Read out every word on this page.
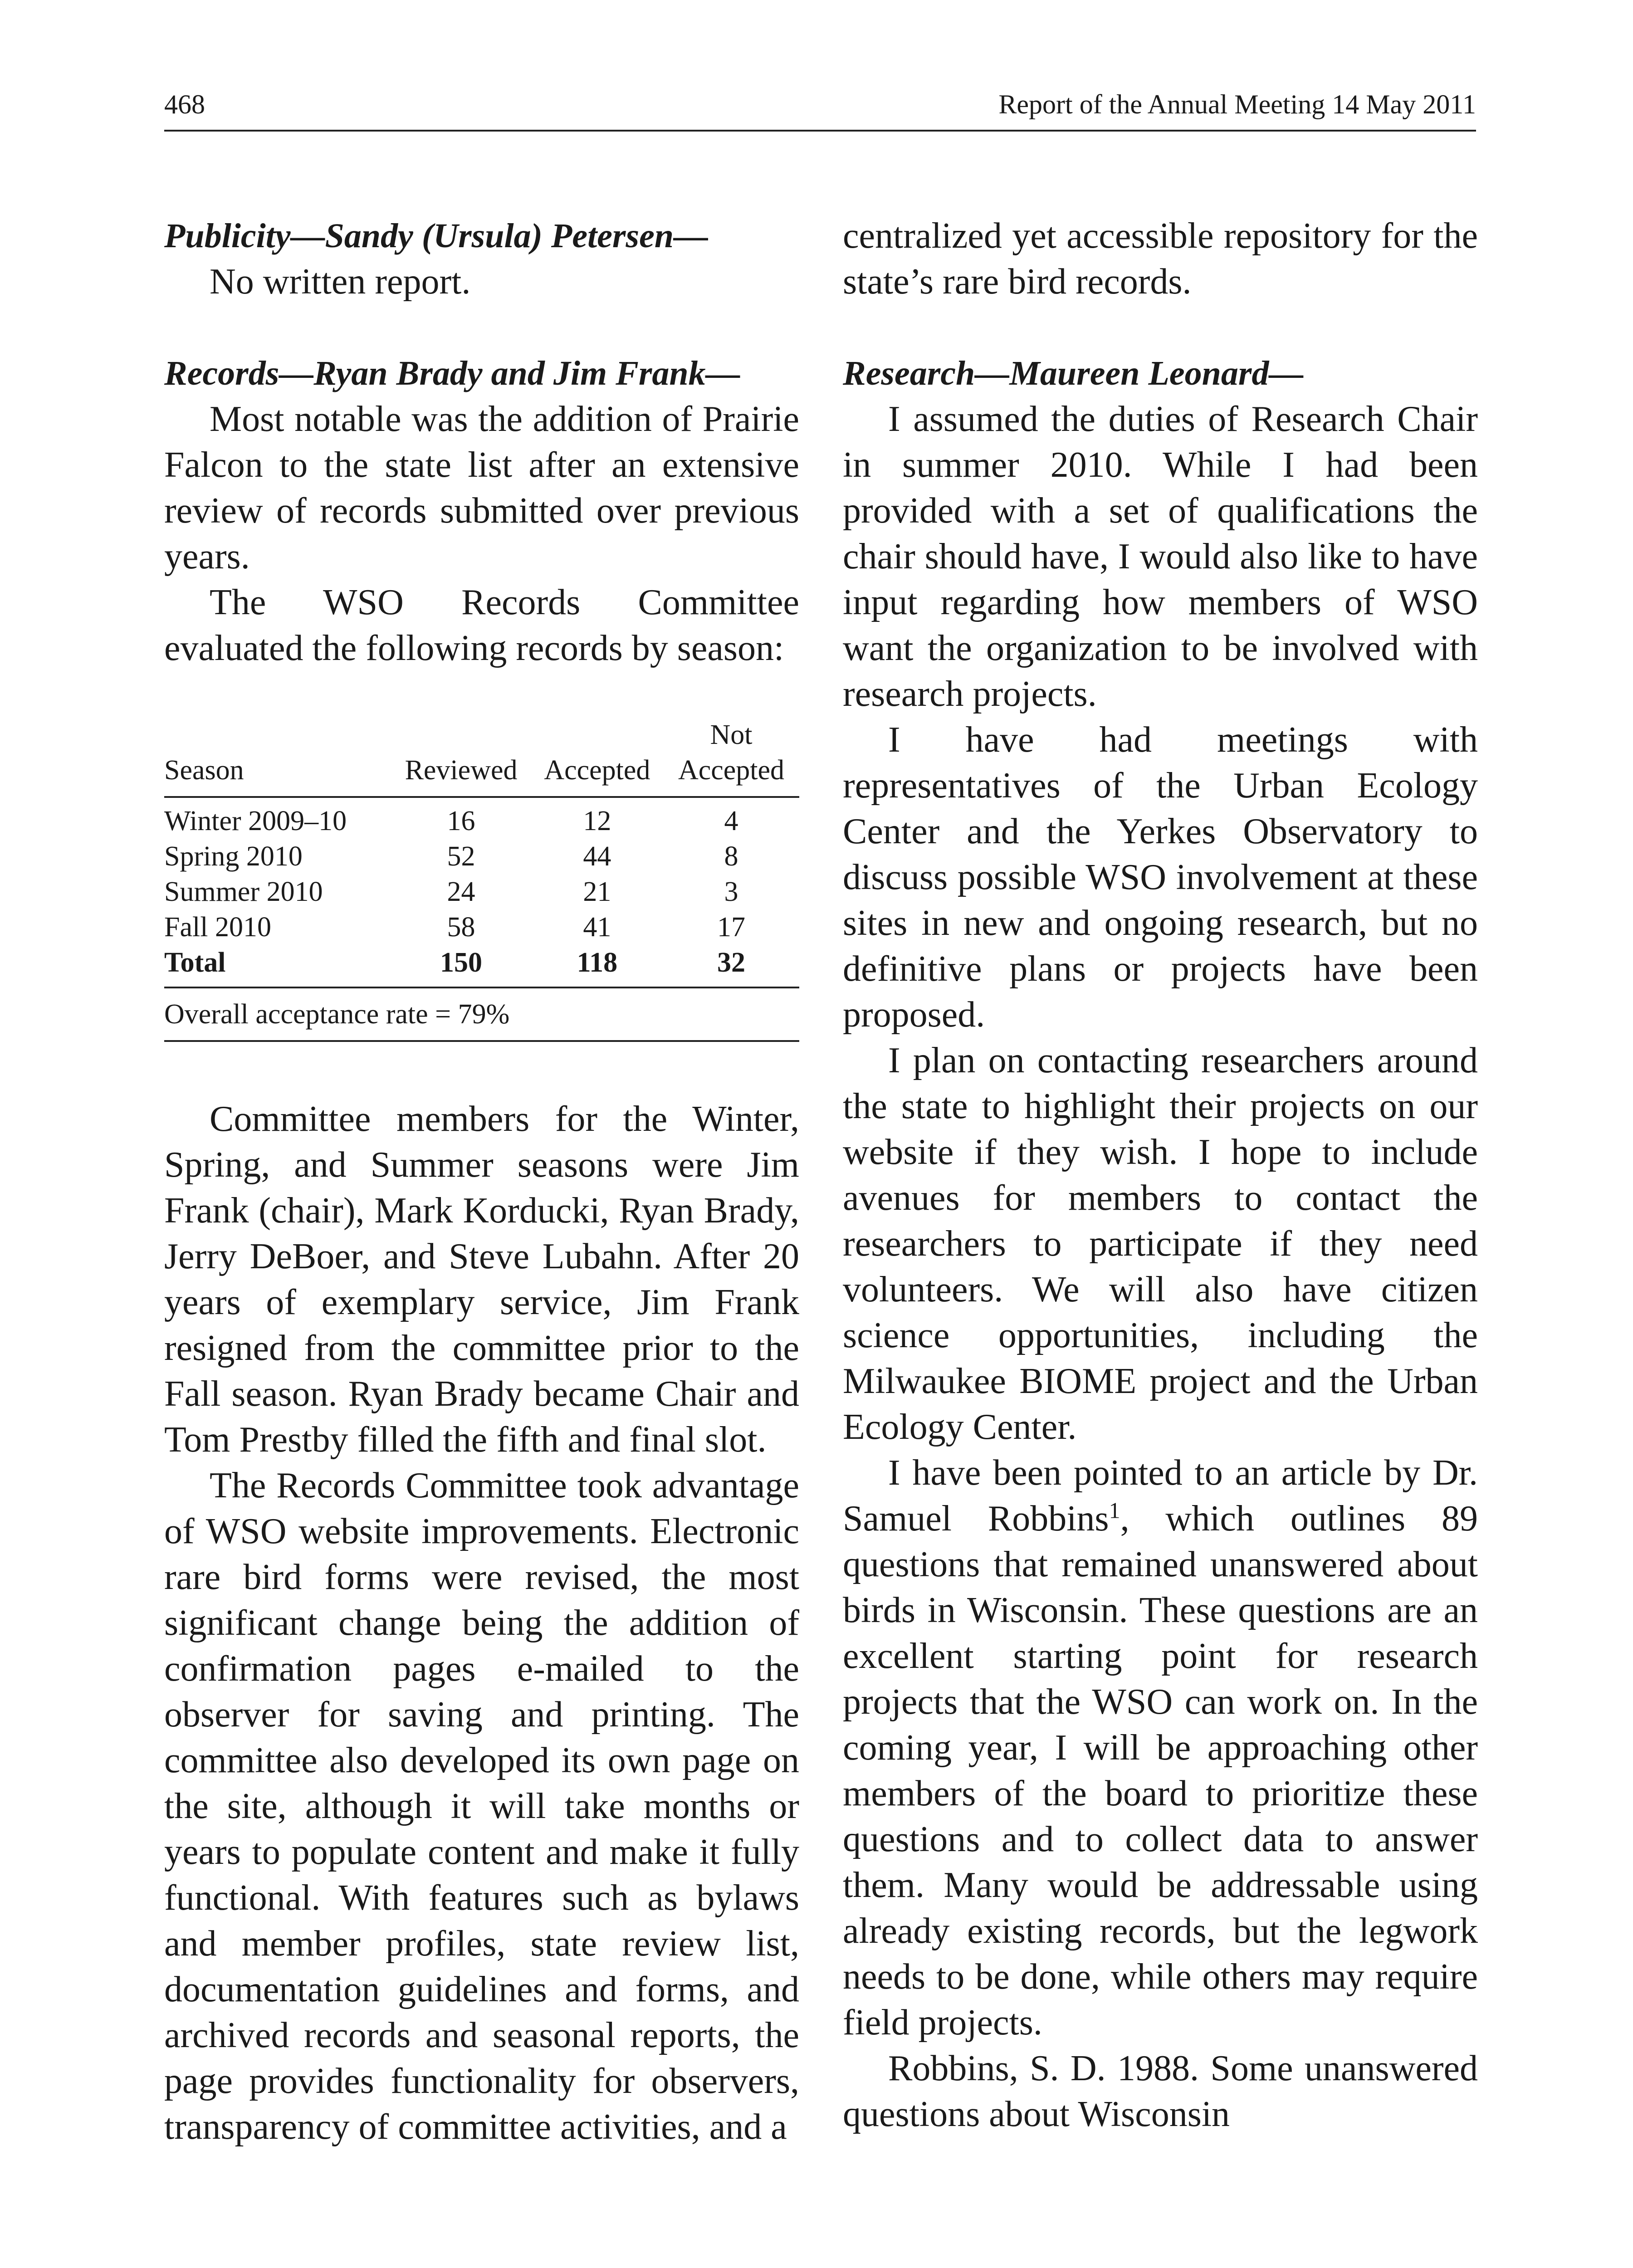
468	Report of the Annual Meeting 14 May 2011
Publicity—Sandy (Ursula) Petersen—

No written report.

Records—Ryan Brady and Jim Frank—

Most notable was the addition of Prairie Falcon to the state list after an extensive review of records submitted over previous years.

The WSO Records Committee evaluated the following records by season:

Season	Reviewed	Accepted	Not Accepted
Winter 2009–10	16	12	4
Spring 2010	52	44	8
Summer 2010	24	21	3
Fall 2010	58	41	17
Total	150	118	32
Overall acceptance rate = 79%

Committee members for the Winter, Spring, and Summer seasons were Jim Frank (chair), Mark Korducki, Ryan Brady, Jerry DeBoer, and Steve Lubahn. After 20 years of exemplary service, Jim Frank resigned from the committee prior to the Fall season. Ryan Brady became Chair and Tom Prestby filled the fifth and final slot.

The Records Committee took advantage of WSO website improvements. Electronic rare bird forms were revised, the most significant change being the addition of confirmation pages e-mailed to the observer for saving and printing. The committee also developed its own page on the site, although it will take months or years to populate content and make it fully functional. With features such as bylaws and member profiles, state review list, documentation guidelines and forms, and archived records and seasonal reports, the page provides functionality for observers, transparency of committee activities, and a

centralized yet accessible repository for the state’s rare bird records.

Research—Maureen Leonard—

I assumed the duties of Research Chair in summer 2010. While I had been provided with a set of qualifications the chair should have, I would also like to have input regarding how members of WSO want the organization to be involved with research projects.

I have had meetings with representatives of the Urban Ecology Center and the Yerkes Observatory to discuss possible WSO involvement at these sites in new and ongoing research, but no definitive plans or projects have been proposed.

I plan on contacting researchers around the state to highlight their projects on our website if they wish. I hope to include avenues for members to contact the researchers to participate if they need volunteers. We will also have citizen science opportunities, including the Milwaukee BIOME project and the Urban Ecology Center.

I have been pointed to an article by Dr. Samuel Robbins$^1$, which outlines 89 questions that remained unanswered about birds in Wisconsin. These questions are an excellent starting point for research projects that the WSO can work on. In the coming year, I will be approaching other members of the board to prioritize these questions and to collect data to answer them. Many would be addressable using already existing records, but the legwork needs to be done, while others may require field projects.

Robbins, S. D. 1988. Some unanswered questions about Wisconsin
